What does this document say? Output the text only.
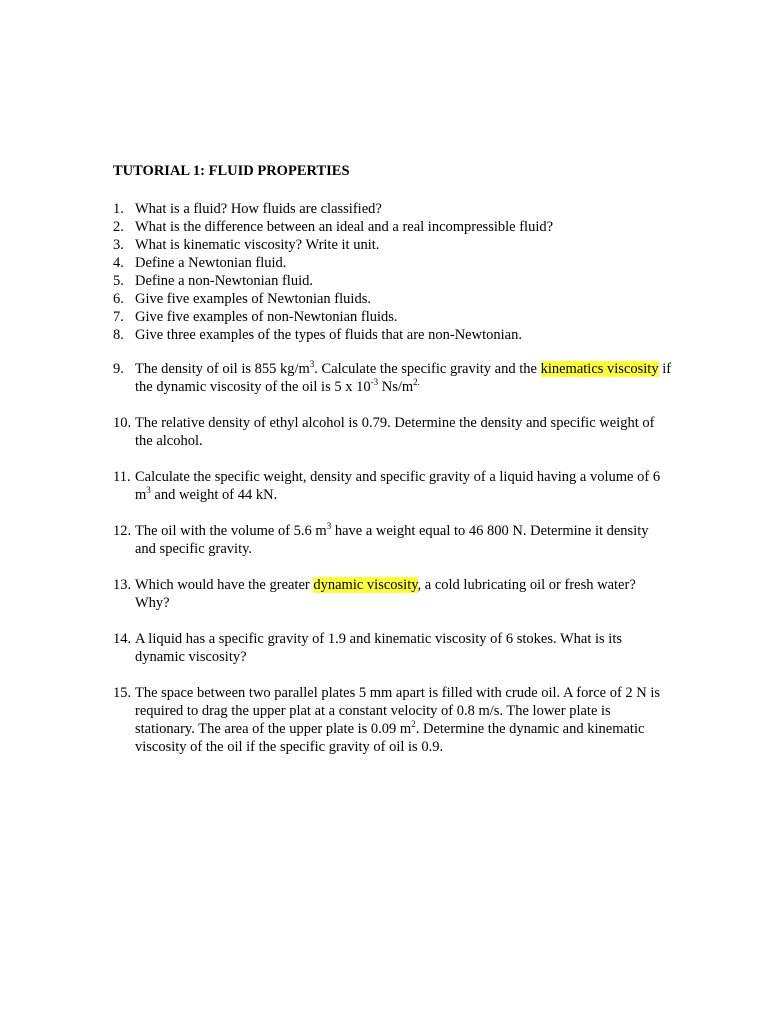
TUTORIAL 1: FLUID PROPERTIES
1. What is a fluid? How fluids are classified?
2. What is the difference between an ideal and a real incompressible fluid?
3. What is kinematic viscosity? Write it unit.
4. Define a Newtonian fluid.
5. Define a non-Newtonian fluid.
6. Give five examples of Newtonian fluids.
7. Give five examples of non-Newtonian fluids.
8. Give three examples of the types of fluids that are non-Newtonian.
9. The density of oil is 855 $kg/m^3$. Calculate the specific gravity and the kinematics viscosity if the dynamic viscosity of the oil is 5 x $10^{-3}$ $Ns/m^{2.}$
10. The relative density of ethyl alcohol is 0.79. Determine the density and specific weight of the alcohol.
11. Calculate the specific weight, density and specific gravity of a liquid having a volume of 6 $m^3$ and weight of 44 kN.
12. The oil with the volume of 5.6 $m^3$ have a weight equal to 46 800 N. Determine it density and specific gravity.
13. Which would have the greater dynamic viscosity, a cold lubricating oil or fresh water? Why?
14. A liquid has a specific gravity of 1.9 and kinematic viscosity of 6 stokes. What is its dynamic viscosity?
15. The space between two parallel plates 5 mm apart is filled with crude oil. A force of 2 N is required to drag the upper plat at a constant velocity of 0.8 m/s. The lower plate is stationary. The area of the upper plate is 0.09 $m^2$. Determine the dynamic and kinematic viscosity of the oil if the specific gravity of oil is 0.9.
